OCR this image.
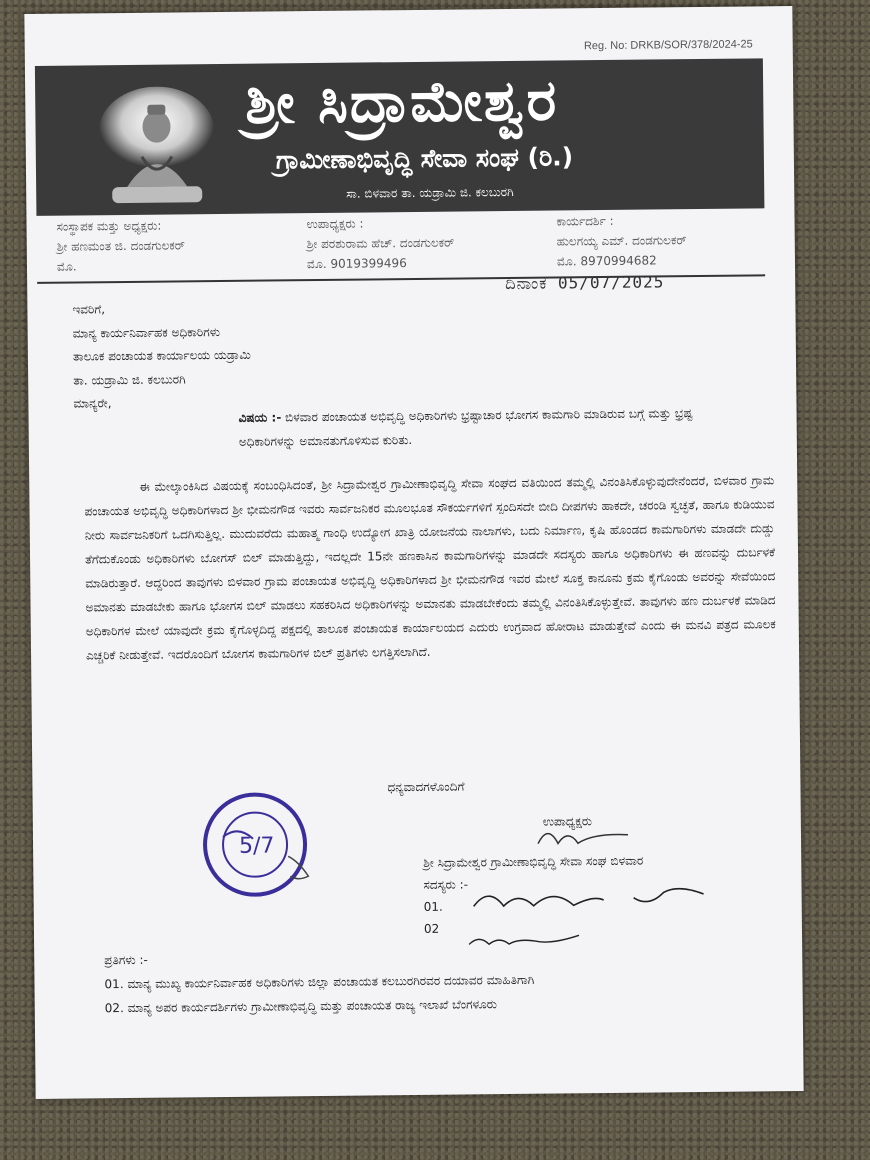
Reg. No: DRKB/SOR/378/2024-25
ಶ್ರೀ ಸಿದ್ರಾಮೇಶ್ವರ
ಗ್ರಾಮೀಣಾಭಿವೃದ್ಧಿ ಸೇವಾ ಸಂಘ (ರಿ.)
ಸಾ. ಬಿಳವಾರ ತಾ. ಯಡ್ರಾಮಿ ಜಿ. ಕಲಬುರಗಿ
ಸಂಸ್ಥಾಪಕ ಮತ್ತು ಅಧ್ಯಕ್ಷರು:
ಶ್ರೀ ಹಣಮಂತ ಜಿ. ದಂಡಗುಲಕರ್
ಮೊ.
ಉಪಾಧ್ಯಕ್ಷರು :
ಶ್ರೀ ಪರಶುರಾಮ ಹೆಚ್. ದಂಡಗುಲಕರ್
ಮೊ. 9019399496
ಕಾರ್ಯದರ್ಶಿ :
ಹುಲಗಯ್ಯ ಎಮ್. ದಂಡಗುಲಕರ್
ಮೊ. 8970994682
ದಿನಾಂಕ 05/07/2025
ಇವರಿಗೆ,
ಮಾನ್ಯ ಕಾರ್ಯನಿರ್ವಾಹಕ ಅಧಿಕಾರಿಗಳು
ತಾಲೂಕ ಪಂಚಾಯತ ಕಾರ್ಯಾಲಯ ಯಡ್ರಾಮಿ
ತಾ. ಯಡ್ರಾಮಿ ಜಿ. ಕಲಬುರಗಿ
ಮಾನ್ಯರೇ,
ವಿಷಯ :- ಬಿಳವಾರ ಪಂಚಾಯತ ಅಭಿವೃದ್ಧಿ ಅಧಿಕಾರಿಗಳು ಭ್ರಷ್ಟಾಚಾರ ಭೋಗಸ ಕಾಮಗಾರಿ ಮಾಡಿರುವ ಬಗ್ಗೆ ಮತ್ತು ಭ್ರಷ್ಟ ಅಧಿಕಾರಿಗಳನ್ನು ಅಮಾನತುಗೊಳಿಸುವ ಕುರಿತು.
ಈ ಮೇಲ್ಕಾಂಕಿಸಿದ ವಿಷಯಕ್ಕೆ ಸಂಬಂಧಿಸಿದಂತೆ, ಶ್ರೀ ಸಿದ್ರಾಮೇಶ್ವರ ಗ್ರಾಮೀಣಾಭಿವೃದ್ಧಿ ಸೇವಾ ಸಂಘದ ವತಿಯಿಂದ ತಮ್ಮಲ್ಲಿ ವಿನಂತಿಸಿಕೊಳ್ಳುವುದೇನೆಂದರೆ, ಬಿಳವಾರ ಗ್ರಾಮ ಪಂಚಾಯತ ಅಭಿವೃದ್ಧಿ ಅಧಿಕಾರಿಗಳಾದ ಶ್ರೀ ಭೀಮನಗೌಡ ಇವರು ಸಾರ್ವಜನಿಕರ ಮೂಲಭೂತ ಸೌಕರ್ಯಗಳಿಗೆ ಸ್ಪಂದಿಸದೇ ಬೀದಿ ದೀಪಗಳು ಹಾಕದೇ, ಚರಂಡಿ ಸ್ವಚ್ಛತೆ, ಹಾಗೂ ಕುಡಿಯುವ ನೀರು ಸಾರ್ವಜನಿಕರಿಗೆ ಒದಗಿಸುತ್ತಿಲ್ಲ. ಮುದುವರೆದು ಮಹಾತ್ಮ ಗಾಂಧಿ ಉದ್ಯೋಗ ಖಾತ್ರಿ ಯೋಜನೆಯ ನಾಲಾಗಳು, ಬದು ನಿರ್ಮಾಣ, ಕೃಷಿ ಹೊಂಡದ ಕಾಮಗಾರಿಗಳು ಮಾಡದೇ ದುಡ್ಡು ತೆಗೆದುಕೊಂಡು ಅಧಿಕಾರಿಗಳು ಬೋಗಸ್ ಬಿಲ್ ಮಾಡುತ್ತಿದ್ದು, ಇದಲ್ಲದೇ 15ನೇ ಹಣಕಾಸಿನ ಕಾಮಗಾರಿಗಳನ್ನು ಮಾಡದೇ ಸದಸ್ಯರು ಹಾಗೂ ಅಧಿಕಾರಿಗಳು ಈ ಹಣವನ್ನು ದುರ್ಬಳಕೆ ಮಾಡಿರುತ್ತಾರೆ. ಆದ್ದರಿಂದ ತಾವುಗಳು ಬಿಳವಾರ ಗ್ರಾಮ ಪಂಚಾಯತ ಅಭಿವೃದ್ಧಿ ಅಧಿಕಾರಿಗಳಾದ ಶ್ರೀ ಭೀಮನಗೌಡ ಇವರ ಮೇಲೆ ಸೂಕ್ತ ಕಾನೂನು ಕ್ರಮ ಕೈಗೊಂಡು ಅವರನ್ನು ಸೇವೆಯಿಂದ ಅಮಾನತು ಮಾಡಬೇಕು ಹಾಗೂ ಭೋಗಸ ಬಿಲ್ ಮಾಡಲು ಸಹಕರಿಸಿದ ಅಧಿಕಾರಿಗಳನ್ನು ಅಮಾನತು ಮಾಡಬೇಕೆಂದು ತಮ್ಮಲ್ಲಿ ವಿನಂತಿಸಿಕೊಳ್ಳುತ್ತೇವೆ. ತಾವುಗಳು ಹಣ ದುರ್ಬಳಕೆ ಮಾಡಿದ ಅಧಿಕಾರಿಗಳ ಮೇಲೆ ಯಾವುದೇ ಕ್ರಮ ಕೈಗೊಳ್ಳದಿದ್ದ ಪಕ್ಷದಲ್ಲಿ ತಾಲೂಕ ಪಂಚಾಯತ ಕಾರ್ಯಾಲಯದ ಎದುರು ಉಗ್ರವಾದ ಹೋರಾಟ ಮಾಡುತ್ತೇವೆ ಎಂದು ಈ ಮನವಿ ಪತ್ರದ ಮೂಲಕ ಎಚ್ಚರಿಕೆ ನೀಡುತ್ತೇವೆ. ಇದರೊಂದಿಗೆ ಬೋಗಸ ಕಾಮಗಾರಿಗಳ ಬಿಲ್ ಪ್ರತಿಗಳು ಲಗತ್ತಿಸಲಾಗಿದೆ.
ಧನ್ಯವಾದಗಳೊಂದಿಗೆ
5/7
ಉಪಾಧ್ಯಕ್ಷರು
ಶ್ರೀ ಸಿದ್ರಾಮೇಶ್ವರ ಗ್ರಾಮೀಣಾಭಿವೃದ್ಧಿ ಸೇವಾ ಸಂಘ ಬಿಳವಾರ
ಸದಸ್ಯರು :-
01.
02
ಪ್ರತಿಗಳು :-
01. ಮಾನ್ಯ ಮುಖ್ಯ ಕಾರ್ಯನಿರ್ವಾಹಕ ಅಧಿಕಾರಿಗಳು ಜಿಲ್ಲಾ ಪಂಚಾಯತ ಕಲಬುರಗಿರವರ ದಯಾವರ ಮಾಹಿತಿಗಾಗಿ
02. ಮಾನ್ಯ ಅಪರ ಕಾರ್ಯದರ್ಶಿಗಳು ಗ್ರಾಮೀಣಾಭಿವೃದ್ಧಿ ಮತ್ತು ಪಂಚಾಯತ ರಾಜ್ಯ ಇಲಾಖೆ ಬೆಂಗಳೂರು
